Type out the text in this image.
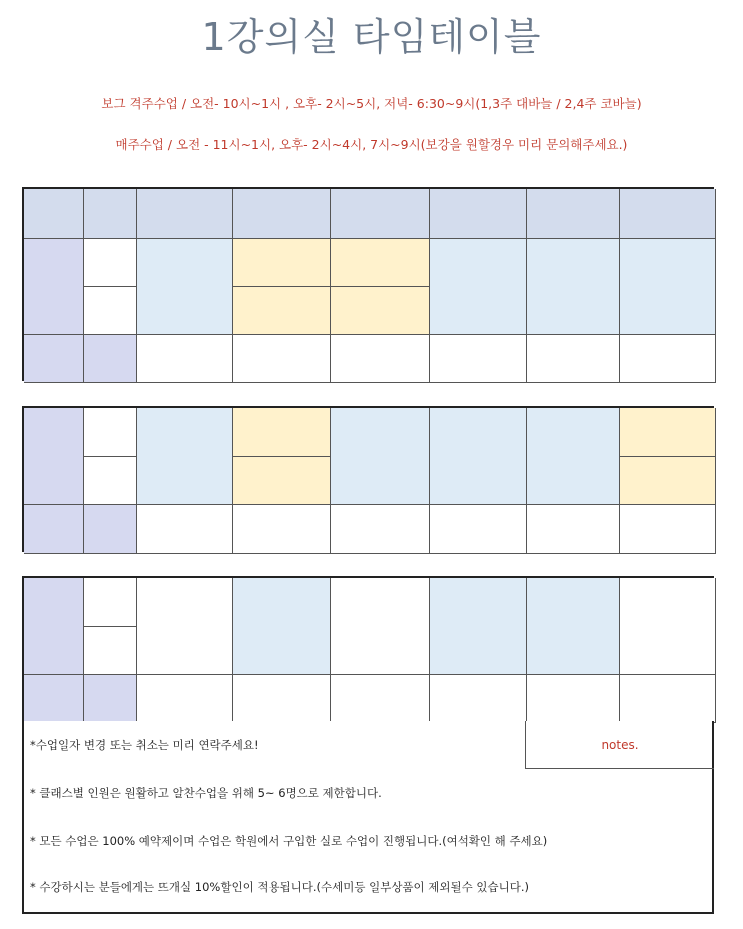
1강의실 타임테이블
보그 격주수업 / 오전- 10시~1시 , 오후- 2시~5시, 저녁- 6:30~9시(1,3주 대바늘 / 2,4주 코바늘)
매주수업 / 오전 - 11시~1시, 오후- 2시~4시, 7시~9시(보강을 원할경우 미리 문의해주세요.)
notes.
*수업일자 변경 또는 취소는 미리 연락주세요!
* 클래스별 인원은 원활하고 알찬수업을 위해 5~ 6명으로 제한합니다.
* 모든 수업은 100% 예약제이며 수업은 학원에서 구입한 실로 수업이 진행됩니다.(여석확인 해 주세요)
* 수강하시는 분들에게는 뜨개실 10%할인이 적용됩니다.(수세미등 일부상품이 제외될수 있습니다.)
